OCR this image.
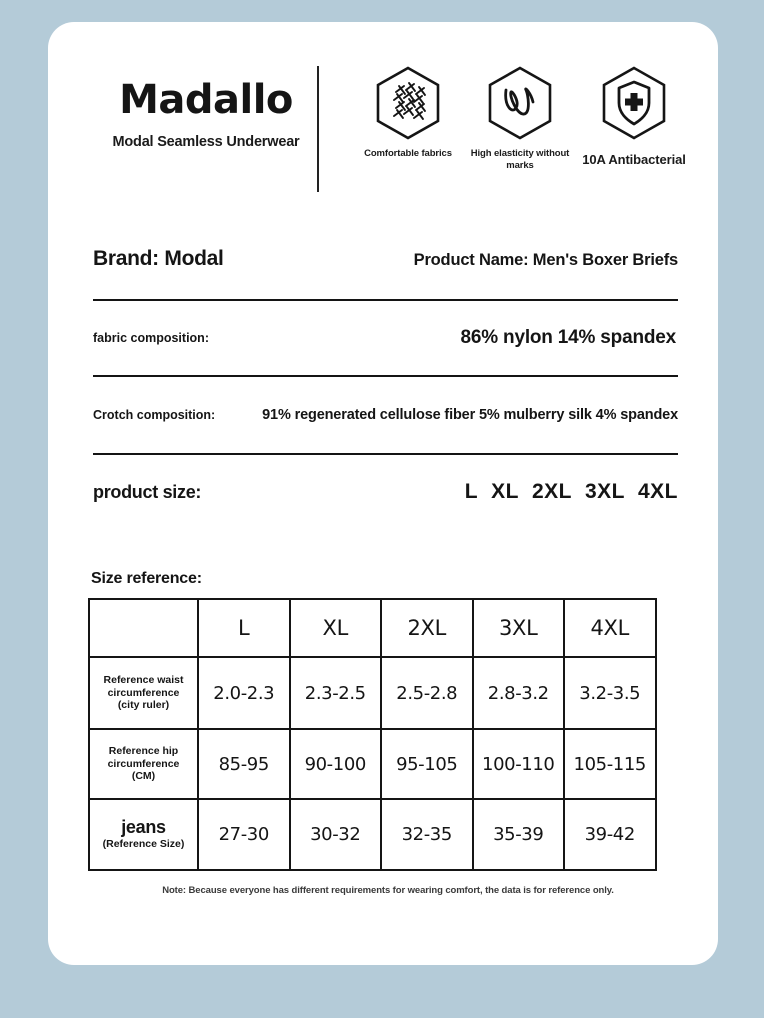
Madallo
Modal Seamless Underwear
Comfortable fabrics	High elasticity without marks	10A Antibacterial
Brand: Modal	Product Name: Men's Boxer Briefs
fabric composition:	86% nylon 14% spandex
Crotch composition:	91% regenerated cellulose fiber 5% mulberry silk 4% spandex
product size:	L XL 2XL 3XL 4XL
Size reference:
	L	XL	2XL	3XL	4XL

Reference waist
circumference
(city ruler)	2.0-2.3	2.3-2.5	2.5-2.8	2.8-3.2	3.2-3.5

Reference hip
circumference
(CM)	85-95	90-100	95-105	100-110	105-115

jeans
(Reference Size)	27-30	30-32	32-35	35-39	39-42
Note: Because everyone has different requirements for wearing comfort, the data is for reference only.
